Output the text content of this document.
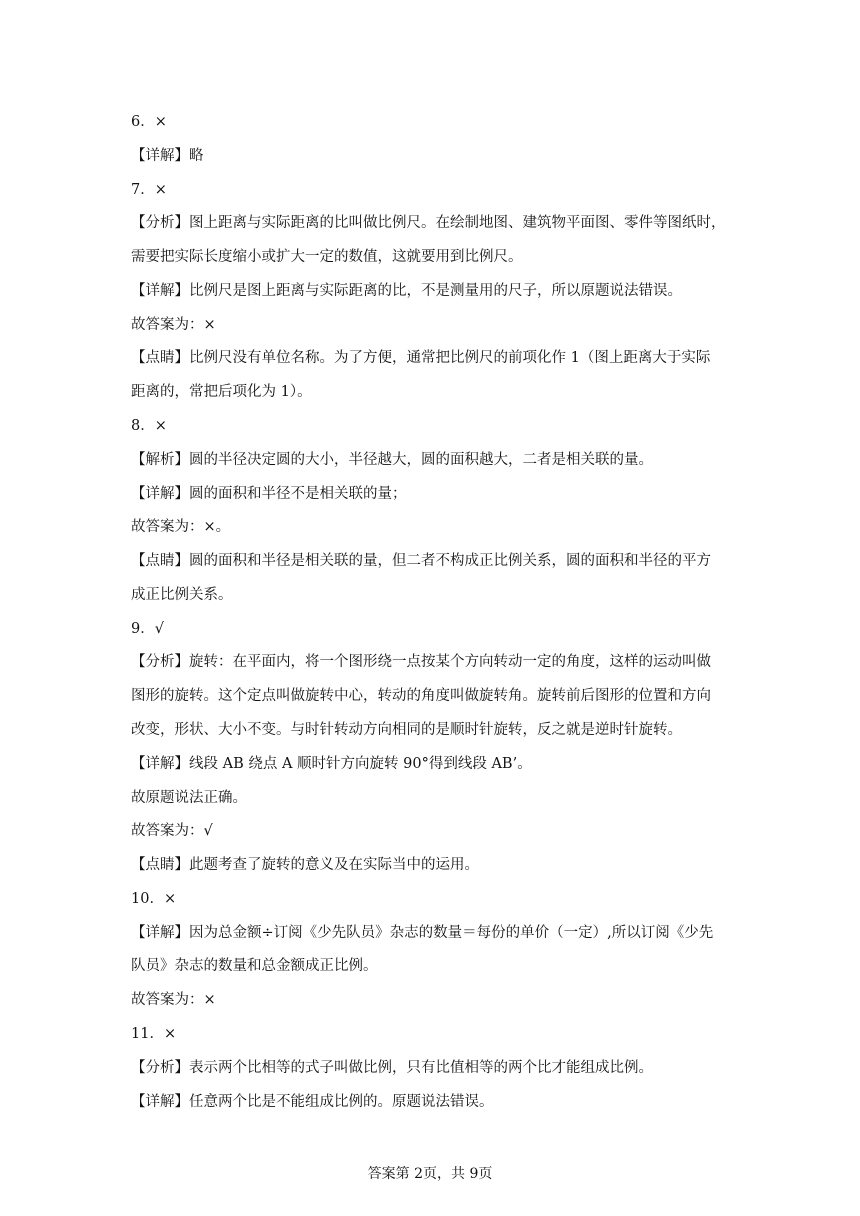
6．×
【详解】略
7．×
【分析】图上距离与实际距离的比叫做比例尺。在绘制地图、建筑物平面图、零件等图纸时，
需要把实际长度缩小或扩大一定的数值，这就要用到比例尺。
【详解】比例尺是图上距离与实际距离的比，不是测量用的尺子，所以原题说法错误。
故答案为：×
【点睛】比例尺没有单位名称。为了方便，通常把比例尺的前项化作 1（图上距离大于实际
距离的，常把后项化为 1）。
8．×
【解析】圆的半径决定圆的大小，半径越大，圆的面积越大，二者是相关联的量。
【详解】圆的面积和半径不是相关联的量；
故答案为：×。
【点睛】圆的面积和半径是相关联的量，但二者不构成正比例关系，圆的面积和半径的平方
成正比例关系。
9．√
【分析】旋转：在平面内，将一个图形绕一点按某个方向转动一定的角度，这样的运动叫做
图形的旋转。这个定点叫做旋转中心，转动的角度叫做旋转角。旋转前后图形的位置和方向
改变，形状、大小不变。与时针转动方向相同的是顺时针旋转，反之就是逆时针旋转。
【详解】线段 AB 绕点 A 顺时针方向旋转 90°得到线段 AB’。
故原题说法正确。
故答案为：√
【点睛】此题考查了旋转的意义及在实际当中的运用。
10．×
【详解】因为总金额÷订阅《少先队员》杂志的数量＝每份的单价（一定）,所以订阅《少先
队员》杂志的数量和总金额成正比例。
故答案为：×
11．×
【分析】表示两个比相等的式子叫做比例，只有比值相等的两个比才能组成比例。
【详解】任意两个比是不能组成比例的。原题说法错误。
答案第 2页，共 9页
